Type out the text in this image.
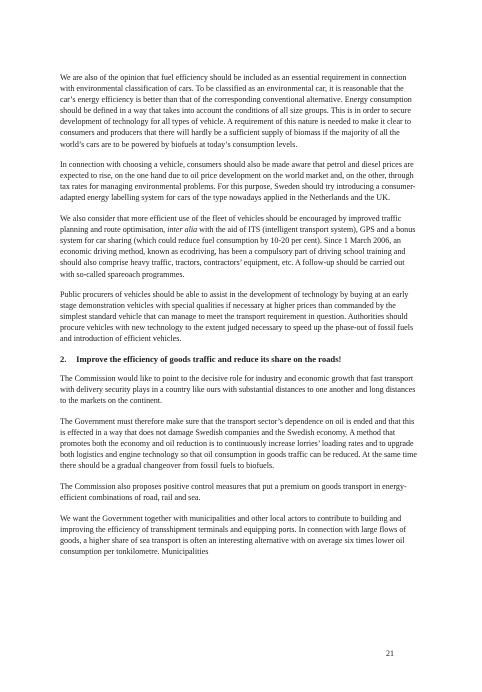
We are also of the opinion that fuel efficiency should be included as an essential requirement in connection with environmental classification of cars. To be classified as an environmental car, it is reasonable that the car’s energy efficiency is better than that of the corresponding conventional alternative. Energy consumption should be defined in a way that takes into account the conditions of all size groups. This is in order to secure development of technology for all types of vehicle. A requirement of this nature is needed to make it clear to consumers and producers that there will hardly be a sufficient supply of biomass if the majority of all the world’s cars are to be powered by biofuels at today’s consumption levels.

In connection with choosing a vehicle, consumers should also be made aware that petrol and diesel prices are expected to rise, on the one hand due to oil price development on the world market and, on the other, through tax rates for managing environmental problems. For this purpose, Sweden should try introducing a consumer-adapted energy labelling system for cars of the type nowadays applied in the Netherlands and the UK.

We also consider that more efficient use of the fleet of vehicles should be encouraged by improved traffic planning and route optimisation, inter alia with the aid of ITS (intelligent transport system), GPS and a bonus system for car sharing (which could reduce fuel consumption by 10-20 per cent). Since 1 March 2006, an economic driving method, known as ecodriving, has been a compulsory part of driving school training and should also comprise heavy traffic, tractors, contractors’ equipment, etc. A follow-up should be carried out with so-called spareoach programmes.

Public procurers of vehicles should be able to assist in the development of technology by buying at an early stage demonstration vehicles with special qualities if necessary at higher prices than commanded by the simplest standard vehicle that can manage to meet the transport requirement in question. Authorities should procure vehicles with new technology to the extent judged necessary to speed up the phase-out of fossil fuels and introduction of efficient vehicles.

2. Improve the efficiency of goods traffic and reduce its share on the roads!

The Commission would like to point to the decisive role for industry and economic growth that fast transport with delivery security plays in a country like ours with substantial distances to one another and long distances to the markets on the continent.

The Government must therefore make sure that the transport sector’s dependence on oil is ended and that this is effected in a way that does not damage Swedish companies and the Swedish economy. A method that promotes both the economy and oil reduction is to continuously increase lorries’ loading rates and to upgrade both logistics and engine technology so that oil consumption in goods traffic can be reduced. At the same time there should be a gradual changeover from fossil fuels to biofuels.

The Commission also proposes positive control measures that put a premium on goods transport in energy-efficient combinations of road, rail and sea.

We want the Government together with municipalities and other local actors to contribute to building and improving the efficiency of transshipment terminals and equipping ports. In connection with large flows of goods, a higher share of sea transport is often an interesting alternative with on average six times lower oil consumption per tonkilometre. Municipalities

21
